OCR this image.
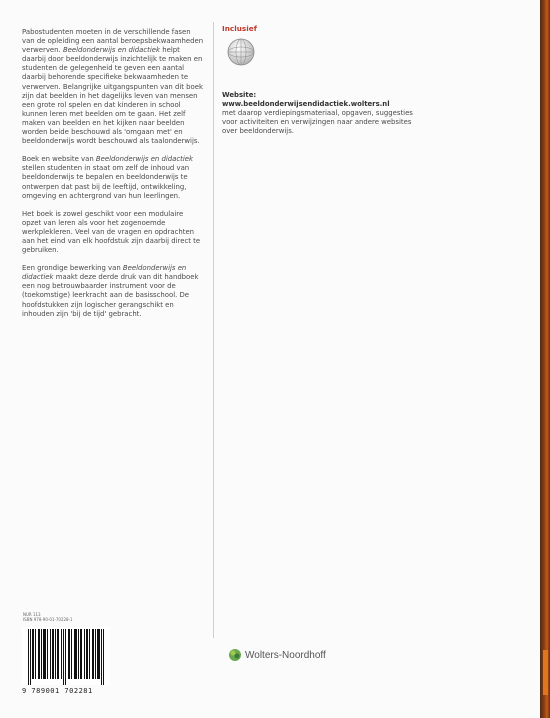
Pabostudenten moeten in de verschillende fasen van de opleiding een aantal beroepsbekwaamheden verwerven. Beeldonderwijs en didactiek helpt daarbij door beeldonderwijs inzichtelijk te maken en studenten de gelegenheid te geven een aantal daarbij behorende specifieke bekwaamheden te verwerven. Belangrijke uitgangspunten van dit boek zijn dat beelden in het dagelijks leven van mensen een grote rol spelen en dat kinderen in school kunnen leren met beelden om te gaan. Het zelf maken van beelden en het kijken naar beelden worden beide beschouwd als 'omgaan met' en beeldonderwijs wordt beschouwd als taalonderwijs.

Boek en website van Beeldonderwijs en didactiek stellen studenten in staat om zelf de inhoud van beeldonderwijs te bepalen en beeldonderwijs te ontwerpen dat past bij de leeftijd, ontwikkeling, omgeving en achtergrond van hun leerlingen.

Het boek is zowel geschikt voor een modulaire opzet van leren als voor het zogenoemde werkplekleren. Veel van de vragen en opdrachten aan het eind van elk hoofdstuk zijn daarbij direct te gebruiken.

Een grondige bewerking van Beeldonderwijs en didactiek maakt deze derde druk van dit handboek een nog betrouwbaarder instrument voor de (toekomstige) leerkracht aan de basisschool. De hoofdstukken zijn logischer gerangschikt en inhouden zijn 'bij de tijd' gebracht.

Inclusief

Website:

www.beeldonderwijsendidactiek.wolters.nl

met daarop verdiepingsmateriaal, opgaven, suggesties voor activiteiten en verwijzingen naar andere websites over beeldonderwijs.

NUR 113
ISBN 978-90-01-70228-1
9 789001 702281
Wolters-Noordhoff
